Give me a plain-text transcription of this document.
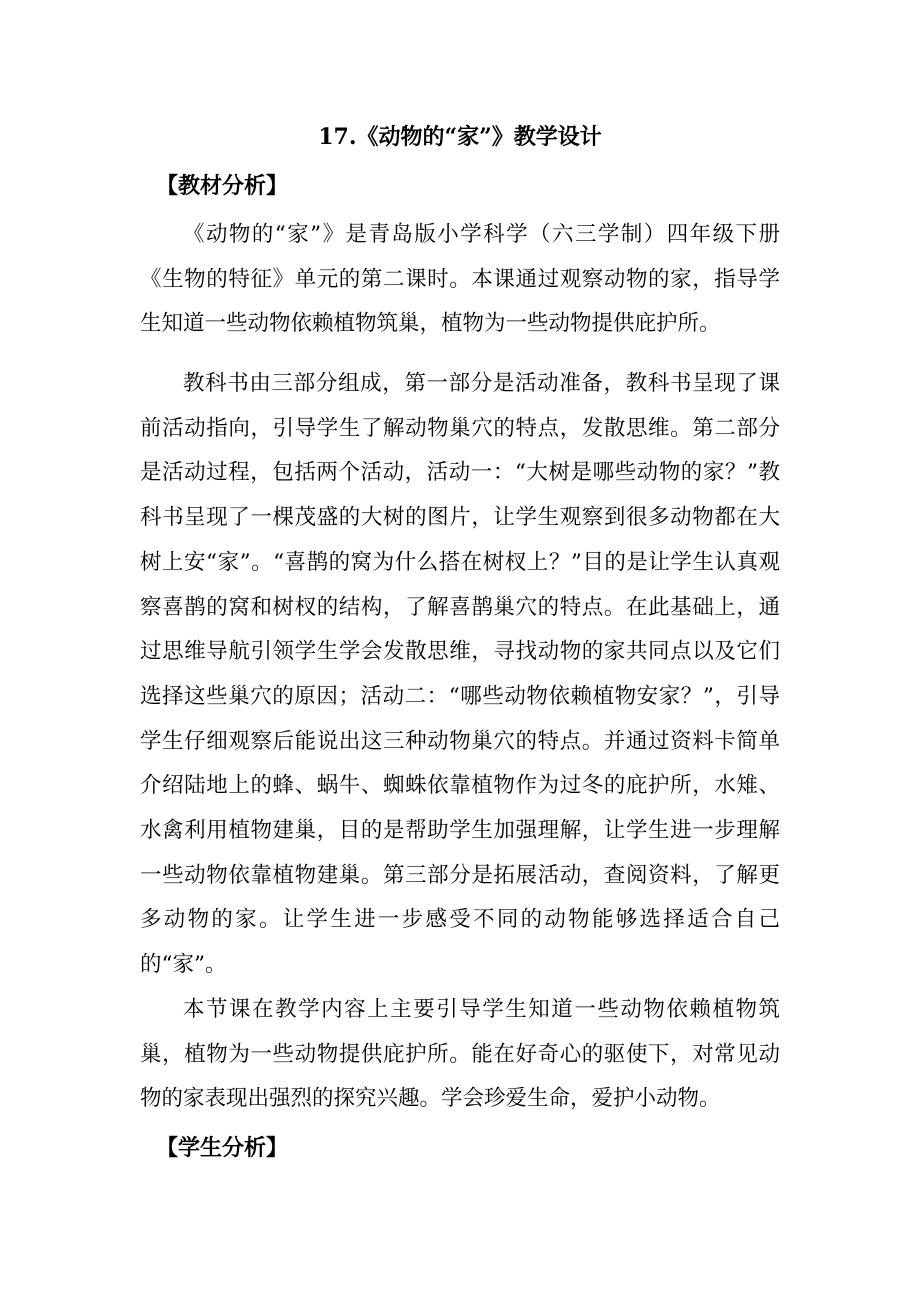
17.《动物的“家”》教学设计
【教材分析】

《动物的“家”》是青岛版小学科学（六三学制）四年级下册《生物的特征》单元的第二课时。本课通过观察动物的家，指导学生知道一些动物依赖植物筑巢，植物为一些动物提供庇护所。

教科书由三部分组成，第一部分是活动准备，教科书呈现了课前活动指向，引导学生了解动物巢穴的特点，发散思维。第二部分是活动过程，包括两个活动，活动一：“大树是哪些动物的家？”教科书呈现了一棵茂盛的大树的图片，让学生观察到很多动物都在大树上安“家”。“喜鹊的窝为什么搭在树杈上？”目的是让学生认真观察喜鹊的窝和树杈的结构，了解喜鹊巢穴的特点。在此基础上，通过思维导航引领学生学会发散思维，寻找动物的家共同点以及它们选择这些巢穴的原因；活动二：“哪些动物依赖植物安家？”，引导学生仔细观察后能说出这三种动物巢穴的特点。并通过资料卡简单介绍陆地上的蜂、蜗牛、蜘蛛依靠植物作为过冬的庇护所，水雉、水禽利用植物建巢，目的是帮助学生加强理解，让学生进一步理解一些动物依靠植物建巢。第三部分是拓展活动，查阅资料，了解更多动物的家。让学生进一步感受不同的动物能够选择适合自己的“家”。

本节课在教学内容上主要引导学生知道一些动物依赖植物筑巢，植物为一些动物提供庇护所。能在好奇心的驱使下，对常见动物的家表现出强烈的探究兴趣。学会珍爱生命，爱护小动物。

【学生分析】
